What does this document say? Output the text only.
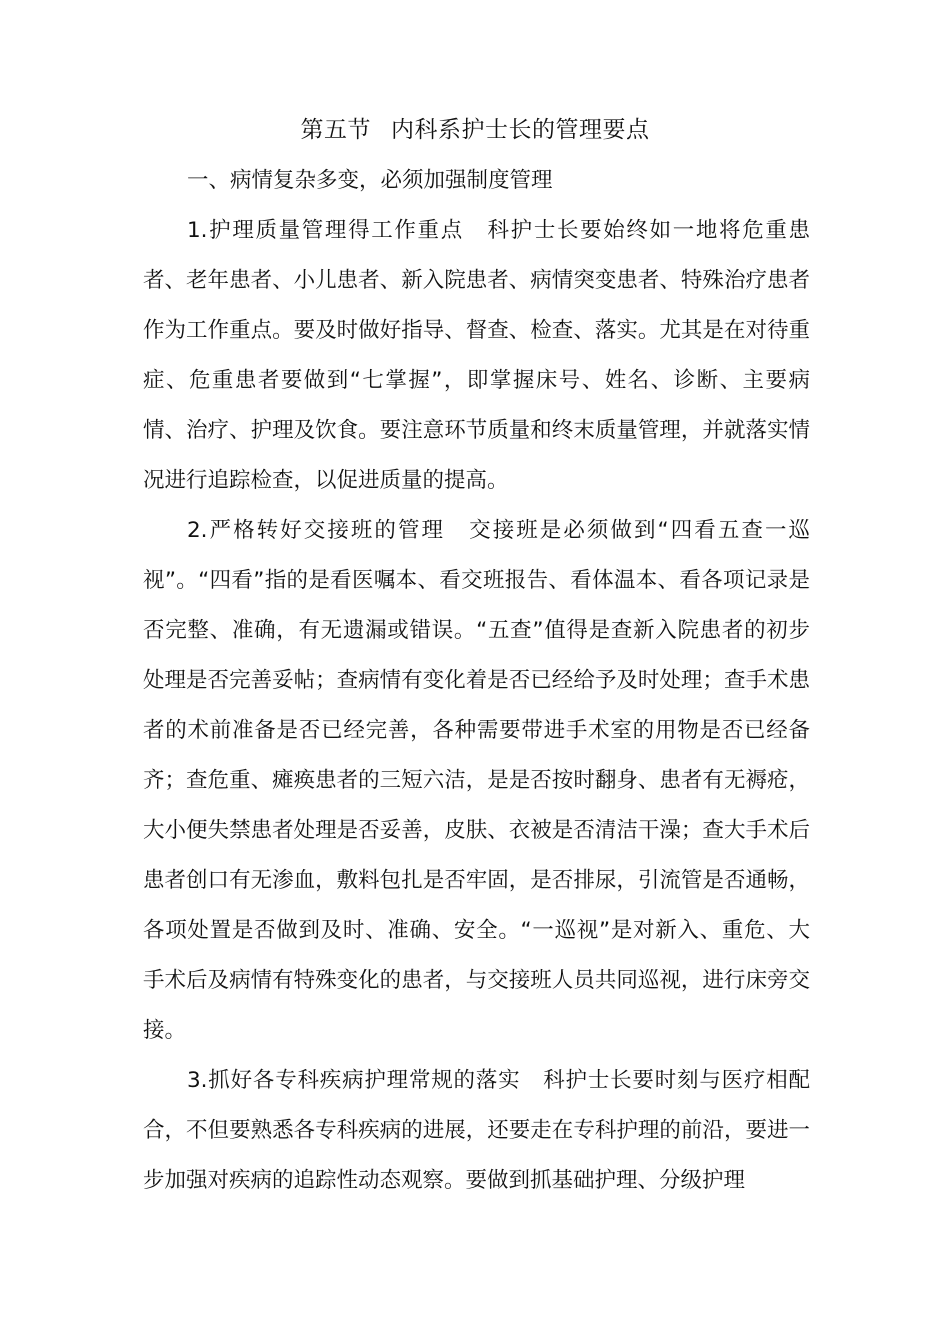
第五节 内科系护士长的管理要点

一、病情复杂多变，必须加强制度管理

1.护理质量管理得工作重点 科护士长要始终如一地将危重患者、老年患者、小儿患者、新入院患者、病情突变患者、特殊治疗患者作为工作重点。要及时做好指导、督查、检查、落实。尤其是在对待重症、危重患者要做到“七掌握”，即掌握床号、姓名、诊断、主要病情、治疗、护理及饮食。要注意环节质量和终末质量管理，并就落实情况进行追踪检查，以促进质量的提高。

2.严格转好交接班的管理 交接班是必须做到“四看五查一巡视”。“四看”指的是看医嘱本、看交班报告、看体温本、看各项记录是否完整、准确，有无遗漏或错误。“五查”值得是查新入院患者的初步处理是否完善妥帖；查病情有变化着是否已经给予及时处理；查手术患者的术前准备是否已经完善，各种需要带进手术室的用物是否已经备齐；查危重、瘫痪患者的三短六洁，是是否按时翻身、患者有无褥疮，大小便失禁患者处理是否妥善，皮肤、衣被是否清洁干澡；查大手术后患者创口有无渗血，敷料包扎是否牢固，是否排尿，引流管是否通畅，各项处置是否做到及时、准确、安全。“一巡视”是对新入、重危、大手术后及病情有特殊变化的患者，与交接班人员共同巡视，进行床旁交接。

3.抓好各专科疾病护理常规的落实 科护士长要时刻与医疗相配合，不但要熟悉各专科疾病的进展，还要走在专科护理的前沿，要进一步加强对疾病的追踪性动态观察。要做到抓基础护理、分级护理
